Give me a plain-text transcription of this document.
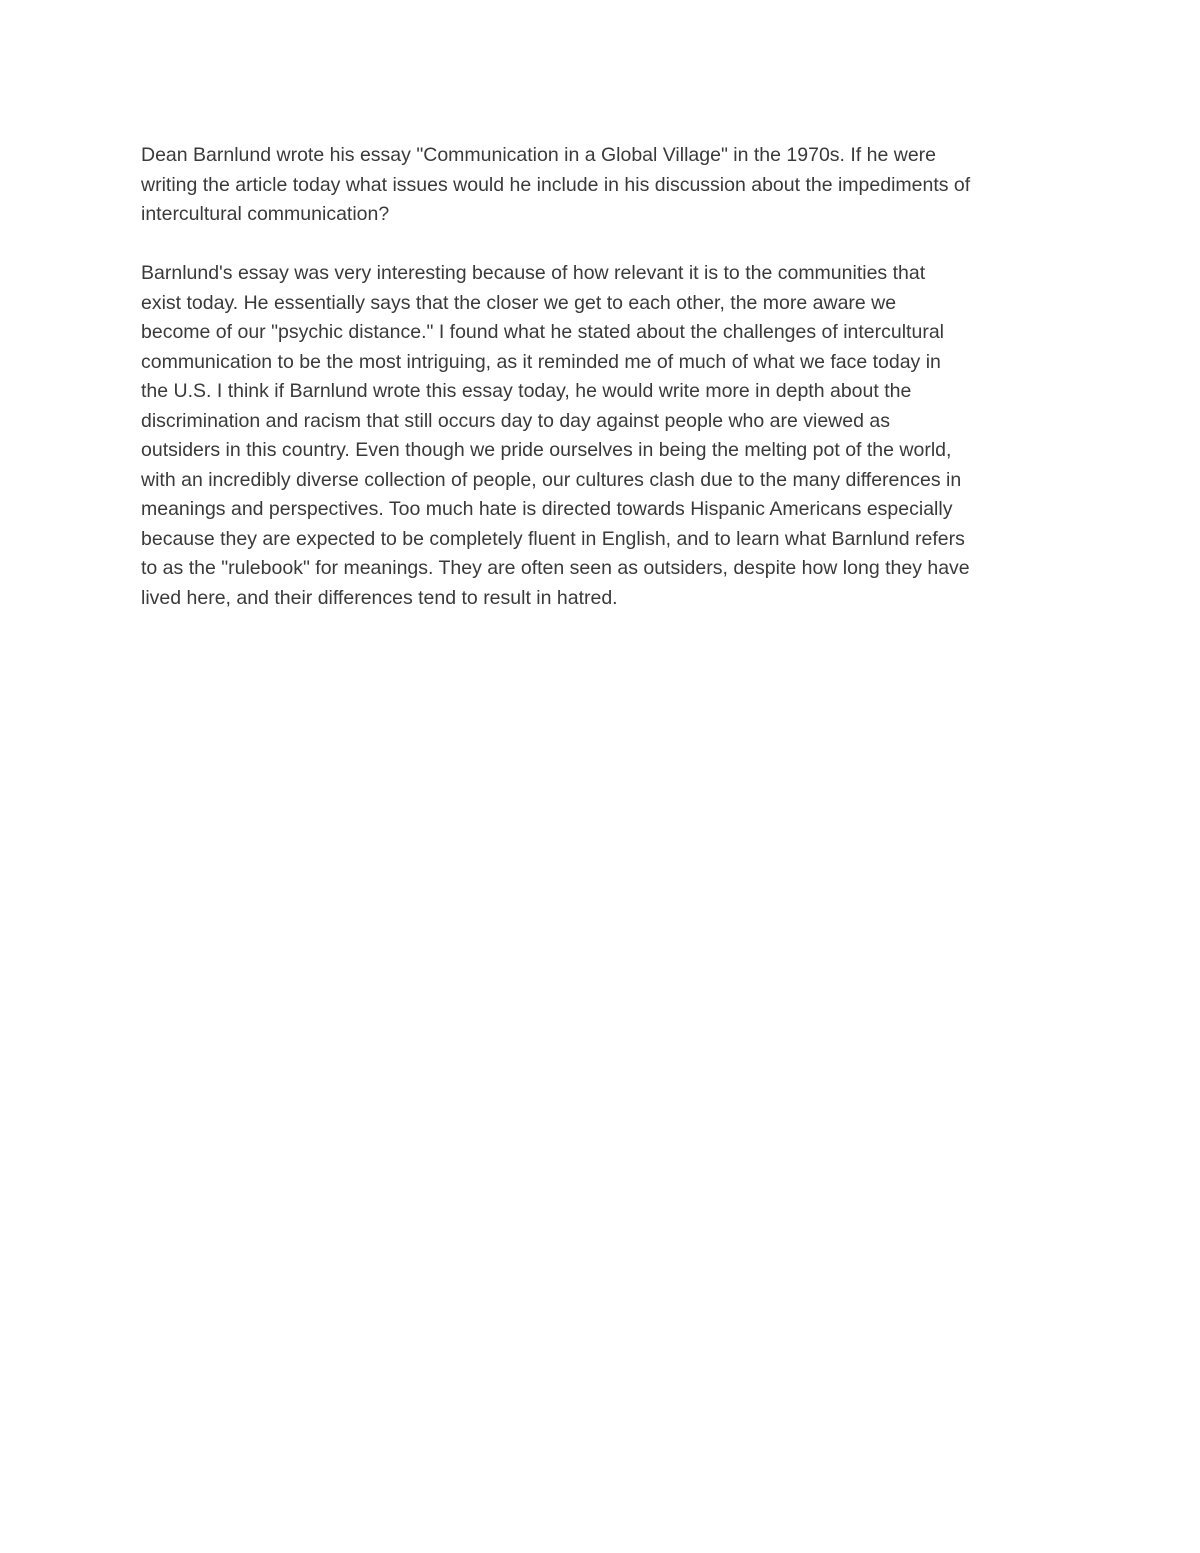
Dean Barnlund wrote his essay "Communication in a Global Village" in the 1970s. If he were
writing the article today what issues would he include in his discussion about the impediments of
intercultural communication?

Barnlund's essay was very interesting because of how relevant it is to the communities that
exist today. He essentially says that the closer we get to each other, the more aware we
become of our "psychic distance." I found what he stated about the challenges of intercultural
communication to be the most intriguing, as it reminded me of much of what we face today in
the U.S. I think if Barnlund wrote this essay today, he would write more in depth about the
discrimination and racism that still occurs day to day against people who are viewed as
outsiders in this country. Even though we pride ourselves in being the melting pot of the world,
with an incredibly diverse collection of people, our cultures clash due to the many differences in
meanings and perspectives. Too much hate is directed towards Hispanic Americans especially
because they are expected to be completely fluent in English, and to learn what Barnlund refers
to as the "rulebook" for meanings. They are often seen as outsiders, despite how long they have
lived here, and their differences tend to result in hatred.
